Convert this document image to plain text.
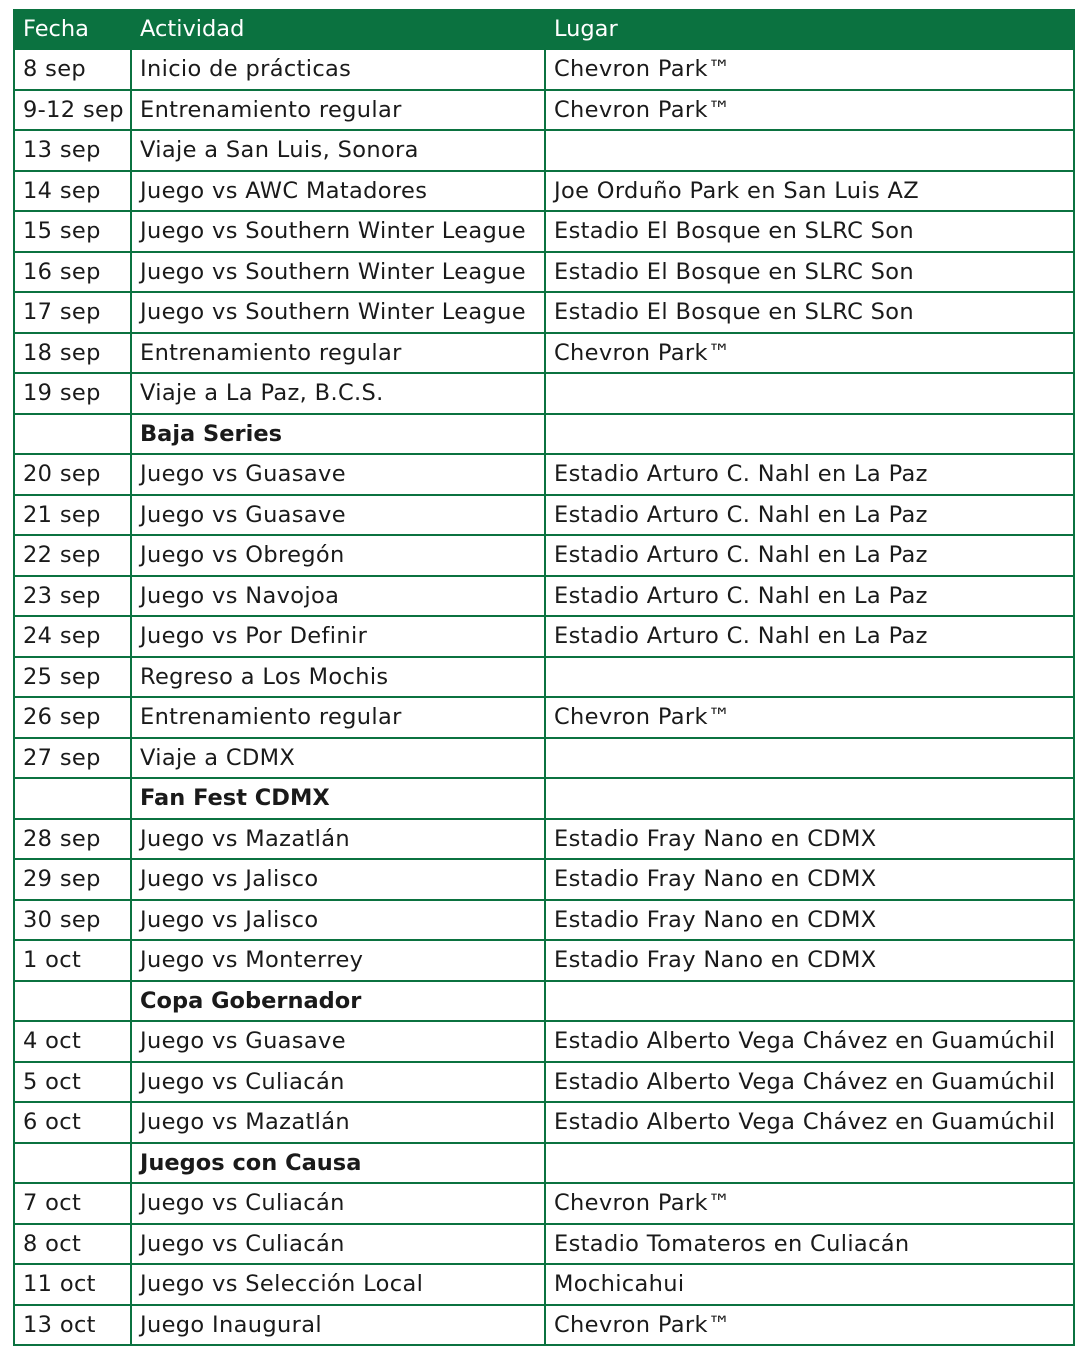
Fecha	Actividad	Lugar
8 sep	Inicio de prácticas	Chevron Park™
9-12 sep	Entrenamiento regular	Chevron Park™
13 sep	Viaje a San Luis, Sonora	
14 sep	Juego vs AWC Matadores	Joe Orduño Park en San Luis AZ
15 sep	Juego vs Southern Winter League	Estadio El Bosque en SLRC Son
16 sep	Juego vs Southern Winter League	Estadio El Bosque en SLRC Son
17 sep	Juego vs Southern Winter League	Estadio El Bosque en SLRC Son
18 sep	Entrenamiento regular	Chevron Park™
19 sep	Viaje a La Paz, B.C.S.	
	Baja Series	
20 sep	Juego vs Guasave	Estadio Arturo C. Nahl en La Paz
21 sep	Juego vs Guasave	Estadio Arturo C. Nahl en La Paz
22 sep	Juego vs Obregón	Estadio Arturo C. Nahl en La Paz
23 sep	Juego vs Navojoa	Estadio Arturo C. Nahl en La Paz
24 sep	Juego vs Por Definir	Estadio Arturo C. Nahl en La Paz
25 sep	Regreso a Los Mochis	
26 sep	Entrenamiento regular	Chevron Park™
27 sep	Viaje a CDMX	
	Fan Fest CDMX	
28 sep	Juego vs Mazatlán	Estadio Fray Nano en CDMX
29 sep	Juego vs Jalisco	Estadio Fray Nano en CDMX
30 sep	Juego vs Jalisco	Estadio Fray Nano en CDMX
1 oct	Juego vs Monterrey	Estadio Fray Nano en CDMX
	Copa Gobernador	
4 oct	Juego vs Guasave	Estadio Alberto Vega Chávez en Guamúchil
5 oct	Juego vs Culiacán	Estadio Alberto Vega Chávez en Guamúchil
6 oct	Juego vs Mazatlán	Estadio Alberto Vega Chávez en Guamúchil
	Juegos con Causa	
7 oct	Juego vs Culiacán	Chevron Park™
8 oct	Juego vs Culiacán	Estadio Tomateros en Culiacán
11 oct	Juego vs Selección Local	Mochicahui
13 oct	Juego Inaugural	Chevron Park™
